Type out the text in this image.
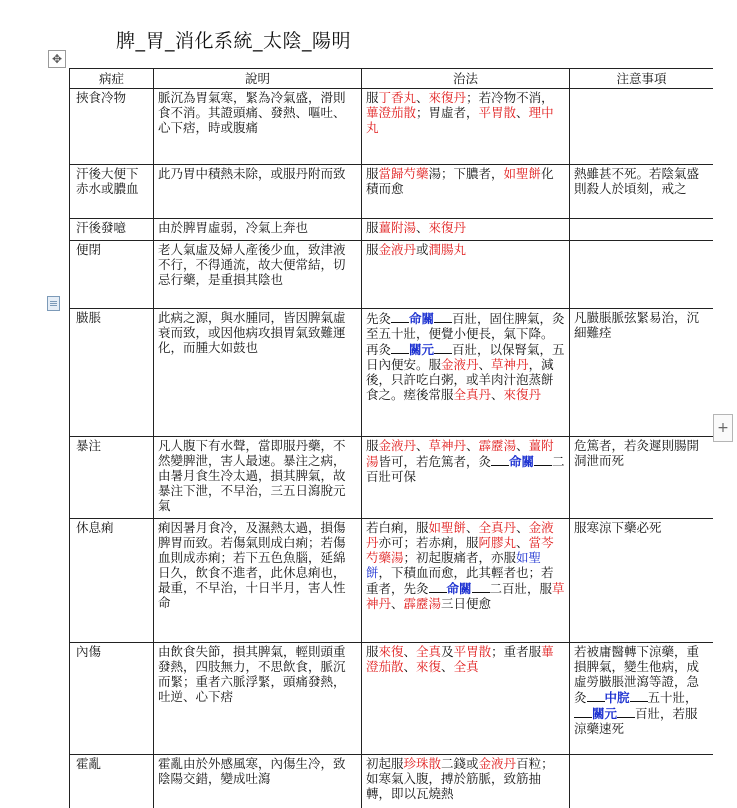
脾_胃_消化系統_太陰_陽明
✥
+
病症	說明	治法	注意事項
挾食冷物	脈沉為胃氣寒，緊為冷氣盛，滑則食不消。其證頭痛、發熱、嘔吐、心下痞，時或腹痛	服丁香丸、來復丹；若冷物不消，蓽澄茄散；胃虛者，平胃散、理中丸	
汗後大便下赤水或膿血	此乃胃中積熱未除，或服丹附而致	服當歸芍藥湯；下膿者，如聖餅化積而愈	熱雖甚不死。若陰氣盛則殺人於頃刻，戒之
汗後發噫	由於脾胃虛弱，冷氣上奔也	服薑附湯、來復丹	
便閉	老人氣虛及婦人產後少血，致津液不行，不得通流，故大便常結，切忌行藥，是重損其陰也	服金液丹或潤腸丸	
臌脹	此病之源，與水腫同，皆因脾氣虛衰而致，或因他病攻損胃氣致難運化，而腫大如鼓也	先灸 命關 百壯，固住脾氣，灸至五十壯，便覺小便長，氣下降。再灸 關元 百壯，以保腎氣，五日內便安。服金液丹、草神丹，減後，只許吃白粥，或羊肉汁泡蒸餅食之。瘥後常服全真丹、來復丹	凡臌脹脈弦緊易治，沉細難痊
暴注	凡人腹下有水聲，當即服丹藥，不然變脾泄，害人最速。暴注之病，由暑月食生冷太過，損其脾氣，故暴注下泄，不早治，三五日瀉脫元氣	服金液丹、草神丹、霹靂湯、薑附湯皆可，若危篤者，灸 命關 二百壯可保	危篤者，若灸遲則腸開洞泄而死
休息痢	痢因暑月食冷，及濕熱太過，損傷脾胃而致。若傷氣則成白痢；若傷血則成赤痢；若下五色魚腦，延綿日久，飲食不進者，此休息痢也，最重，不早治，十日半月，害人性命	若白痢，服如聖餅、全真丹、金液丹亦可；若赤痢，服阿膠丸、當芩芍藥湯；初起腹痛者，亦服如聖餅，下積血而愈，此其輕者也；若重者，先灸 命關 二百壯，服草神丹、霹靂湯三日便愈	服寒涼下藥必死
內傷	由飲食失節，損其脾氣，輕則頭重發熱，四肢無力，不思飲食，脈沉而緊；重者六脈浮緊，頭痛發熱，吐逆、心下痞	服來復、全真及平胃散；重者服蓽澄茄散、來復、全真	若被庸醫轉下涼藥，重損脾氣，變生他病，成虛勞臌脹泄瀉等證，急灸 中脘 五十壯，關元 百壯，若服涼藥速死
霍亂	霍亂由於外感風寒，內傷生冷，致陰陽交錯，變成吐瀉	初起服珍珠散二錢或金液丹百粒；如寒氣入腹，搏於筋脈，致筋抽轉，即以瓦燒熱	
